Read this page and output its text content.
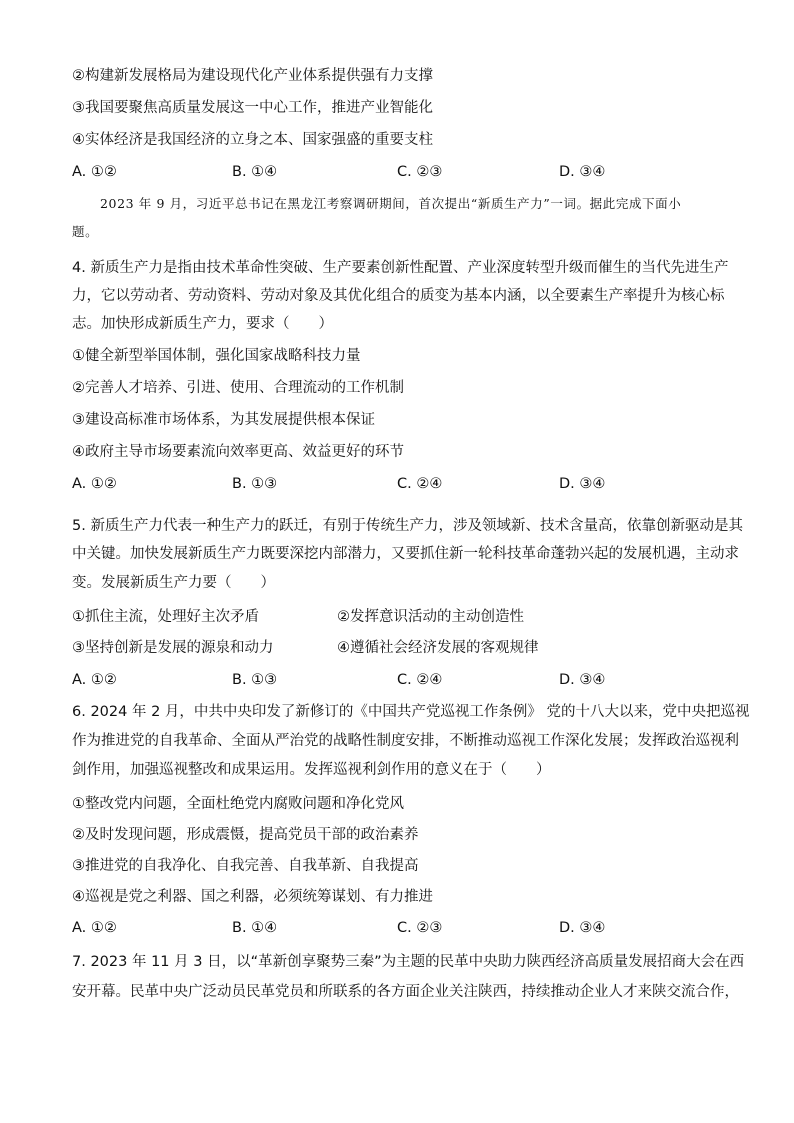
②构建新发展格局为建设现代化产业体系提供强有力支撑
③我国要聚焦高质量发展这一中心工作，推进产业智能化
④实体经济是我国经济的立身之本、国家强盛的重要支柱
A. ①②	B. ①④	C. ②③	D. ③④
2023 年 9 月，习近平总书记在黑龙江考察调研期间，首次提出“新质生产力”一词。据此完成下面小
题。
4. 新质生产力是指由技术革命性突破、生产要素创新性配置、产业深度转型升级而催生的当代先进生产
力，它以劳动者、劳动资料、劳动对象及其优化组合的质变为基本内涵，以全要素生产率提升为核心标
志。加快形成新质生产力，要求（　　）
①健全新型举国体制，强化国家战略科技力量
②完善人才培养、引进、使用、合理流动的工作机制
③建设高标准市场体系，为其发展提供根本保证
④政府主导市场要素流向效率更高、效益更好的环节
A. ①②	B. ①③	C. ②④	D. ③④
5. 新质生产力代表一种生产力的跃迁，有别于传统生产力，涉及领域新、技术含量高，依靠创新驱动是其
中关键。加快发展新质生产力既要深挖内部潜力，又要抓住新一轮科技革命蓬勃兴起的发展机遇，主动求
变。发展新质生产力要（　　）
①抓住主流，处理好主次矛盾	②发挥意识活动的主动创造性
③坚持创新是发展的源泉和动力	④遵循社会经济发展的客观规律
A. ①②	B. ①③	C. ②④	D. ③④
6. 2024 年 2 月，中共中央印发了新修订的《中国共产党巡视工作条例》 党的十八大以来，党中央把巡视
作为推进党的自我革命、全面从严治党的战略性制度安排，不断推动巡视工作深化发展；发挥政治巡视利
剑作用，加强巡视整改和成果运用。发挥巡视利剑作用的意义在于（　　）
①整改党内问题，全面杜绝党内腐败问题和净化党风
②及时发现问题，形成震慑，提高党员干部的政治素养
③推进党的自我净化、自我完善、自我革新、自我提高
④巡视是党之利器、国之利器，必须统筹谋划、有力推进
A. ①②	B. ①④	C. ②③	D. ③④
7. 2023 年 11 月 3 日，以“革新创享聚势三秦”为主题的民革中央助力陕西经济高质量发展招商大会在西
安开幕。民革中央广泛动员民革党员和所联系的各方面企业关注陕西，持续推动企业人才来陕交流合作，
